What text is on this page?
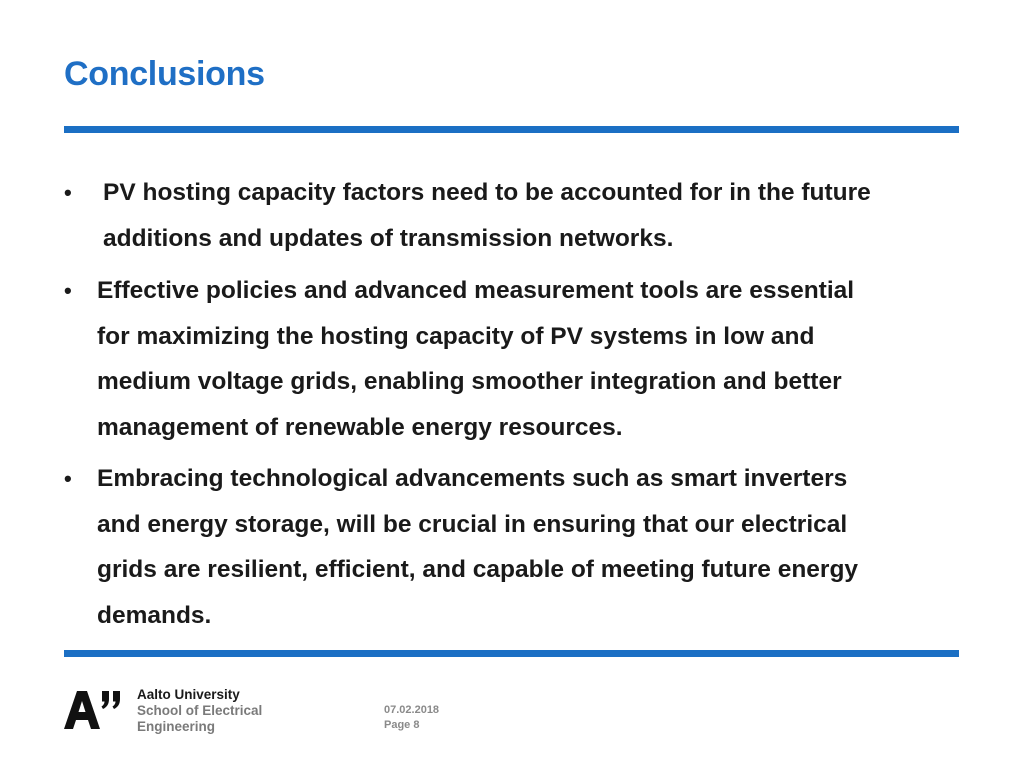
Conclusions
• PV hosting capacity factors need to be accounted for in the future
additions and updates of transmission networks.
• Effective policies and advanced measurement tools are essential
for maximizing the hosting capacity of PV systems in low and
medium voltage grids, enabling smoother integration and better
management of renewable energy resources.
• Embracing technological advancements such as smart inverters
and energy storage, will be crucial in ensuring that our electrical
grids are resilient, efficient, and capable of meeting future energy
demands.
Aalto University
School of Electrical
Engineering
07.02.2018
Page 8
